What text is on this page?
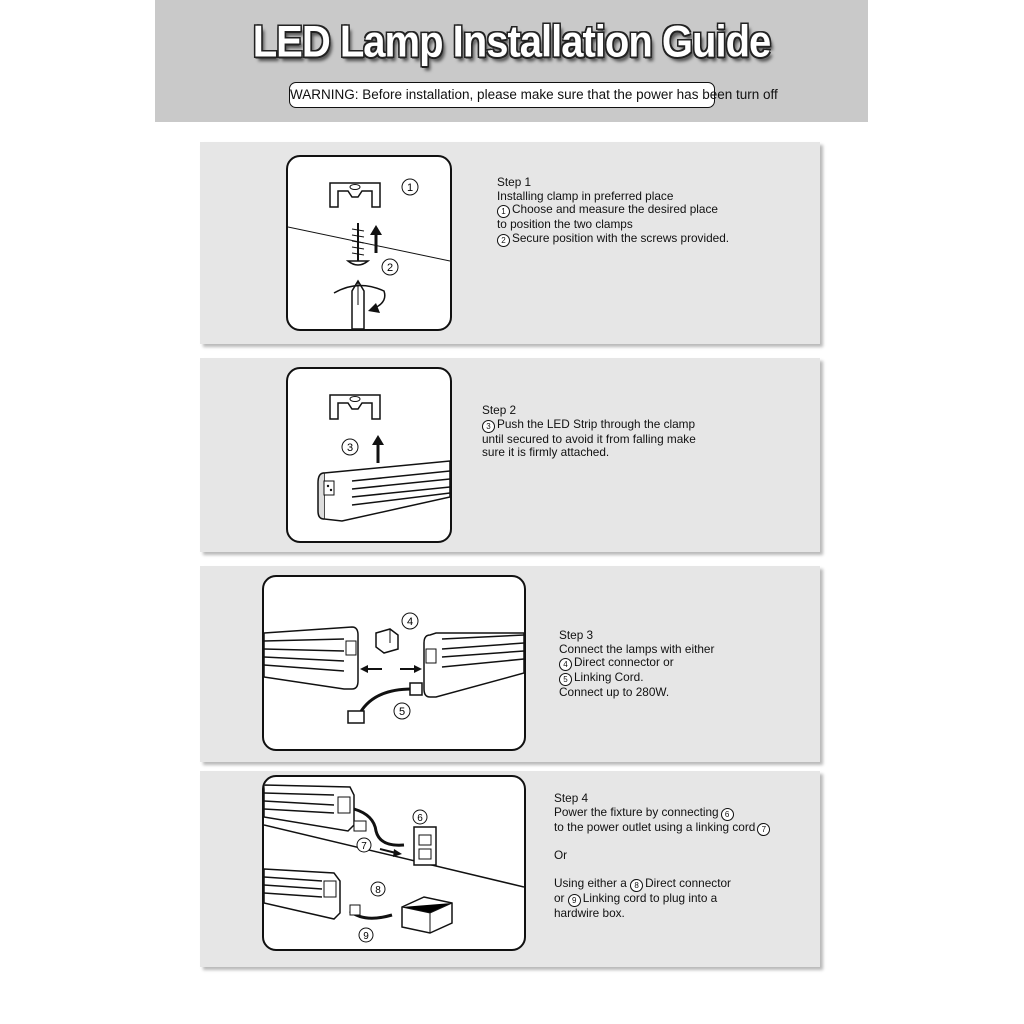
LED Lamp Installation Guide
WARNING: Before installation, please make sure that the power has been turn off
1
2
Step 1
Installing clamp in preferred place
1 Choose and measure the desired place
to position the two clamps
2 Secure position with the screws provided.
3
Step 2
3 Push the LED Strip through the clamp
until secured to avoid it from falling make
sure it is firmly attached.
4
5
Step 3
Connect the lamps with either
4 Direct connector or
5 Linking Cord.
Connect up to 280W.
6
7
8
9
Step 4
Power the fixture by connecting 6
to the power outlet using a linking cord 7
Or
Using either a 8 Direct connector
or 9 Linking cord to plug into a
hardwire box.
